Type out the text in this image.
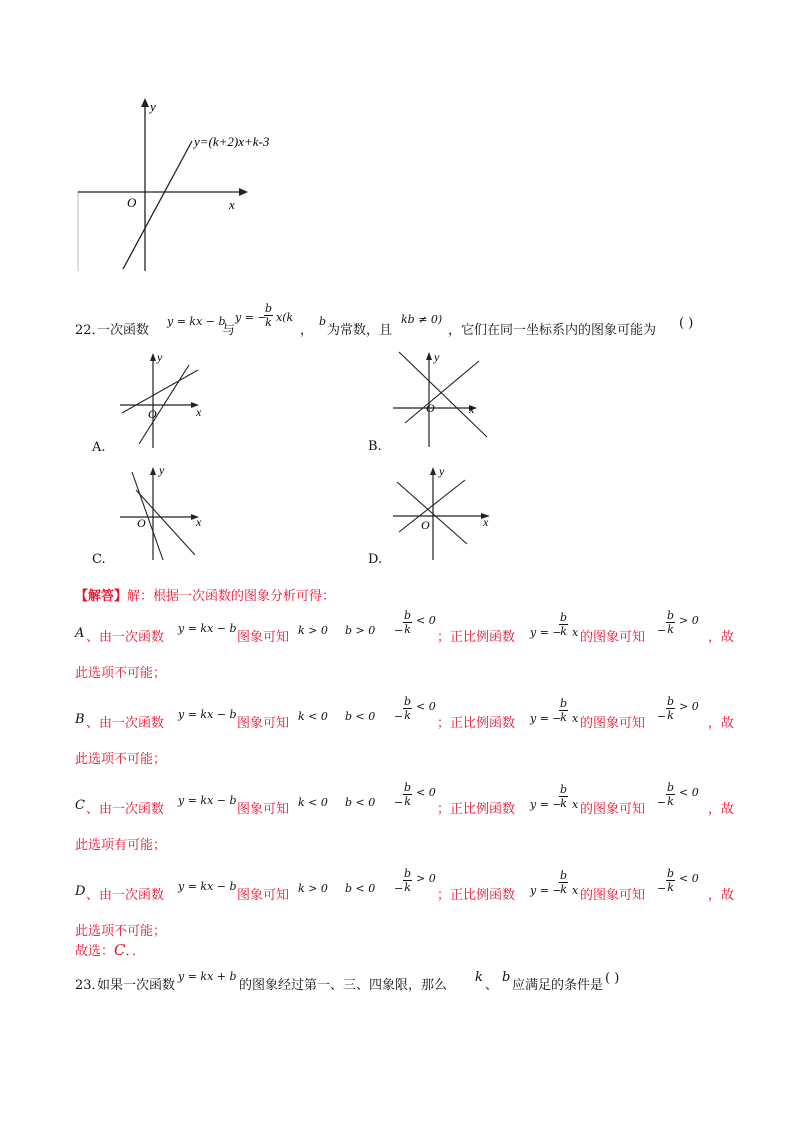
y
x
O
y=(k+2)x+k-3
22．
一次函数
y = kx − b
与
y = −
$\frac{b}{k} x(k$
，
b
为常数，且
kb ≠ 0)
，它们在同一坐标系内的图象可能为 ( )
y
O	x
A.
y
O	x
B.
y
O	x
C.
y
O	x
D.
【解答】解：根据一次函数的图象分析可得：
A 、由一次函数
y = kx − b
图象可知 k > 0 $b > 0 - \frac{b}{k} < 0$
；正比例函数 y = −
$\frac{b}{k}$ x 的图象可知 − $\frac{b}{k} > 0$
，故
此选项不可能；
B 、由一次函数
y = kx − b
图象可知 k < 0 $b < 0 - \frac{b}{k} < 0$
；正比例函数 y = −
$\frac{b}{k}$ x 的图象可知 − $\frac{b}{k} > 0$
，故
此选项不可能；
C 、由一次函数
y = kx − b
图象可知 k < 0 $b < 0 - \frac{b}{k} < 0$
；正比例函数 y = −
$\frac{b}{k}$ x 的图象可知 − $\frac{b}{k} < 0$
，故
此选项有可能；
D 、由一次函数
y = kx − b
图象可知 k > 0 $b < 0 - \frac{b}{k} > 0$
；正比例函数 y = −
$\frac{b}{k}$ x 的图象可知 − $\frac{b}{k} < 0$
，故
此选项不可能；
故选：C．．
23．
如果一次函数
y = kx + b
的图象经过第一、三、四象限，那么
k
、
b
应满足的条件是 ( )
